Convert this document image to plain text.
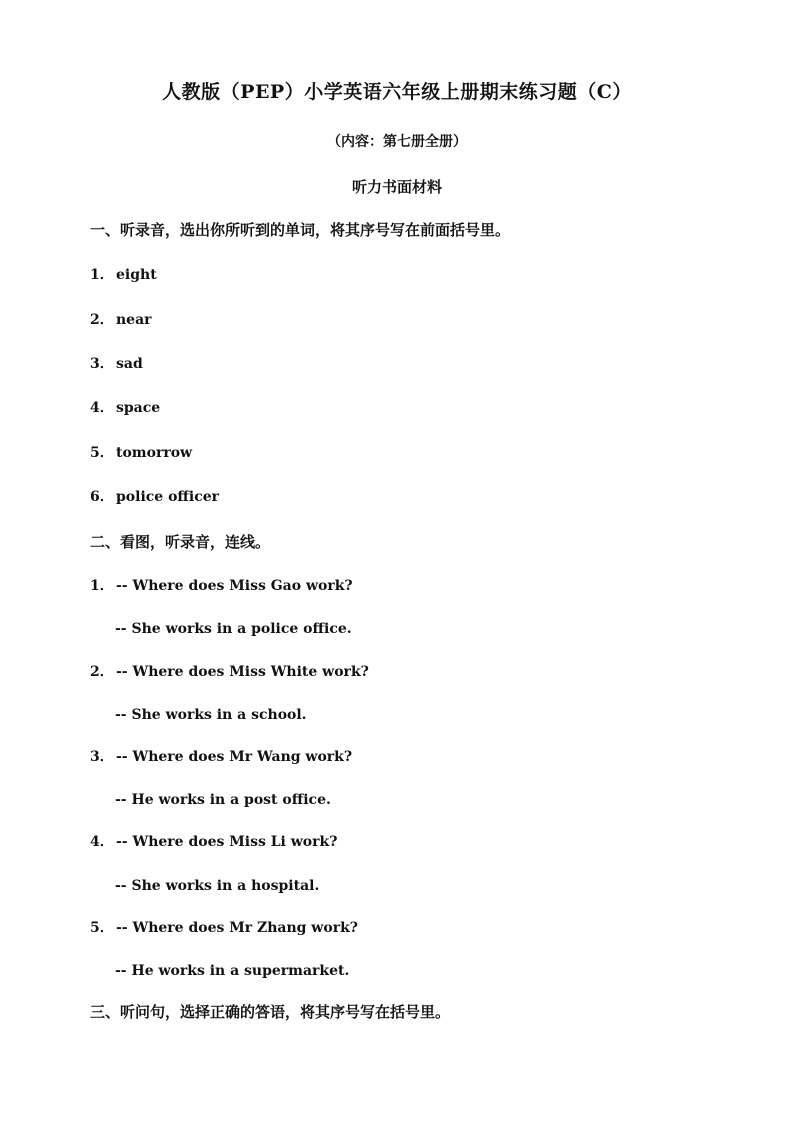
人教版（PEP）小学英语六年级上册期末练习题（C）
（内容：第七册全册）
听力书面材料
一、听录音，选出你所听到的单词，将其序号写在前面括号里。
1． eight
2． near
3． sad
4． space
5． tomorrow
6． police officer
二、看图，听录音，连线。
1． -- Where does Miss Gao work?
-- She works in a police office.
2． -- Where does Miss White work?
-- She works in a school.
3． -- Where does Mr Wang work?
-- He works in a post office.
4． -- Where does Miss Li work?
-- She works in a hospital.
5． -- Where does Mr Zhang work?
-- He works in a supermarket.
三、听问句，选择正确的答语，将其序号写在括号里。
